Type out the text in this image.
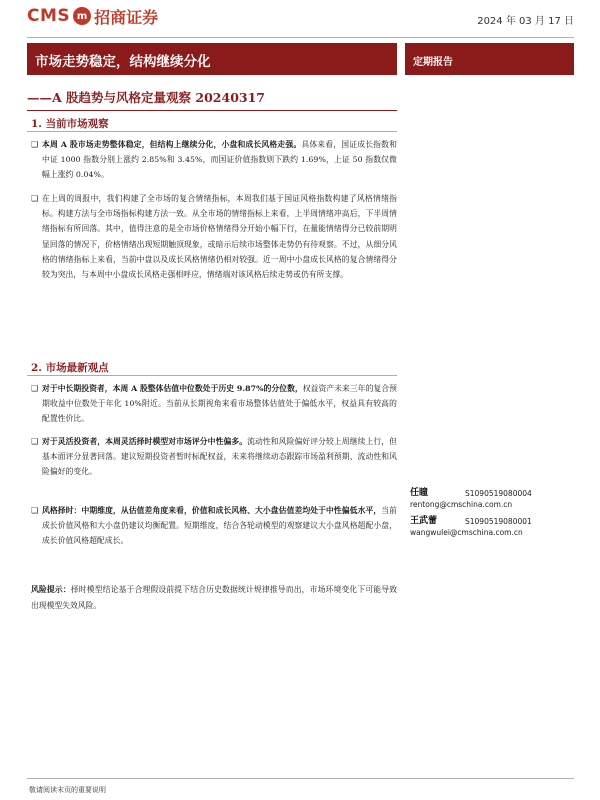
CMS m 招商证券	2024 年 03 月 17 日
市场走势稳定，结构继续分化	定期报告
——A 股趋势与风格定量观察 20240317
1. 当前市场观察
❑ 本周 A 股市场走势整体稳定，但结构上继续分化，小盘和成长风格走强。具体来看，国证成长指数和中证 1000 指数分别上涨约 2.85%和 3.45%，而国证价值指数则下跌约 1.69%，上证 50 指数仅微幅上涨约 0.04%。
❑ 在上周的周报中，我们构建了全市场的复合情绪指标，本周我们基于国证风格指数构建了风格情绪指标。构建方法与全市场指标构建方法一致。从全市场的情绪指标上来看，上半周情绪冲高后，下半周情绪指标有所回落。其中，值得注意的是全市场价格情绪得分开始小幅下行，在量能情绪得分已较前期明显回落的情况下，价格情绪出现短期触顶现象，或暗示后续市场整体走势仍有待观察。不过，从细分风格的情绪指标上来看，当前中盘以及成长风格情绪仍相对较强。近一周中小盘成长风格的复合情绪得分较为突出，与本周中小盘成长风格走强相呼应，情绪端对该风格后续走势或仍有所支撑。
2. 市场最新观点
❑ 对于中长期投资者，本周 A 股整体估值中位数处于历史 9.87%的分位数，权益资产未来三年的复合预期收益中位数处于年化 10%附近。当前从长期视角来看市场整体估值处于偏低水平，权益具有较高的配置性价比。
❑ 对于灵活投资者，本周灵活择时模型对市场评分中性偏多。流动性和风险偏好评分较上周继续上行，但基本面评分显著回落。建议短期投资者暂时标配权益，未来将继续动态跟踪市场盈利预期、流动性和风险偏好的变化。
❑ 风格择时：中期维度，从估值差角度来看，价值和成长风格、大小盘估值差均处于中性偏低水平，当前成长价值风格和大小盘仍建议均衡配置。短期维度，结合各轮动模型的观察建议大小盘风格超配小盘，成长价值风格超配成长。
任瞳	S1090519080004
rentong@cmschina.com.cn
王武蕾	S1090519080001
wangwulei@cmschina.com.cn
风险提示：择时模型结论基于合理假设前提下结合历史数据统计规律推导而出，市场环境变化下可能导致出现模型失效风险。
敬请阅读末页的重要说明
